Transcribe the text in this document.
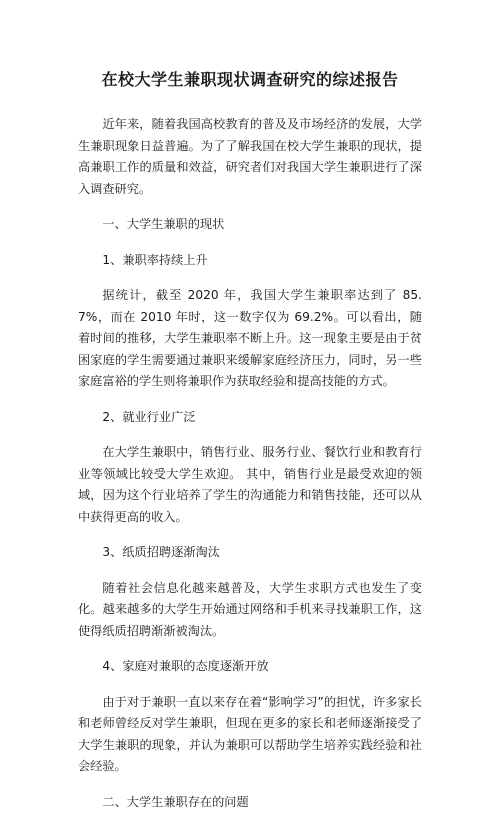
在校大学生兼职现状调查研究的综述报告

近年来，随着我国高校教育的普及及市场经济的发展，大学生兼职现象日益普遍。为了了解我国在校大学生兼职的现状，提高兼职工作的质量和效益，研究者们对我国大学生兼职进行了深入调查研究。

一、大学生兼职的现状

1、兼职率持续上升

据统计，截至 2020 年，我国大学生兼职率达到了 85.7%，而在 2010 年时，这一数字仅为 69.2%。可以看出，随着时间的推移，大学生兼职率不断上升。这一现象主要是由于贫困家庭的学生需要通过兼职来缓解家庭经济压力，同时，另一些家庭富裕的学生则将兼职作为获取经验和提高技能的方式。

2、就业行业广泛

在大学生兼职中，销售行业、服务行业、餐饮行业和教育行业等领域比较受大学生欢迎。 其中，销售行业是最受欢迎的领域，因为这个行业培养了学生的沟通能力和销售技能，还可以从中获得更高的收入。

3、纸质招聘逐渐淘汰

随着社会信息化越来越普及，大学生求职方式也发生了变化。越来越多的大学生开始通过网络和手机来寻找兼职工作，这使得纸质招聘渐渐被淘汰。

4、家庭对兼职的态度逐渐开放

由于对于兼职一直以来存在着“影响学习”的担忧，许多家长和老师曾经反对学生兼职，但现在更多的家长和老师逐渐接受了大学生兼职的现象，并认为兼职可以帮助学生培养实践经验和社会经验。

二、大学生兼职存在的问题
